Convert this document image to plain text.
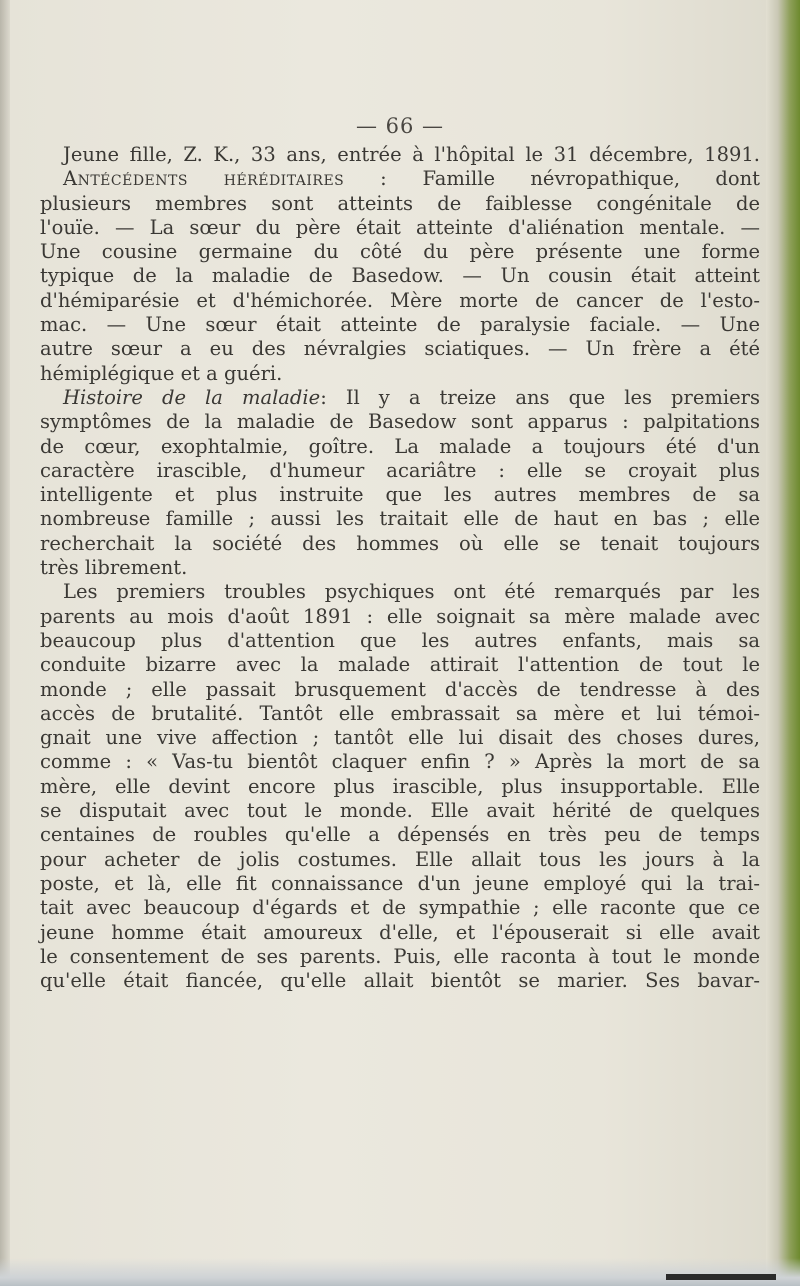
— 66 —
Jeune fille, Z. K., 33 ans, entrée à l'hôpital le 31 décembre, 1891.
Antécédents héréditaires : Famille névropathique, dont
plusieurs membres sont atteints de faiblesse congénitale de
l'ouïe. — La sœur du père était atteinte d'aliénation mentale. —
Une cousine germaine du côté du père présente une forme
typique de la maladie de Basedow. — Un cousin était atteint
d'hémiparésie et d'hémichorée. Mère morte de cancer de l'esto-
mac. — Une sœur était atteinte de paralysie faciale. — Une
autre sœur a eu des névralgies sciatiques. — Un frère a été
hémiplégique et a guéri.
Histoire de la maladie: Il y a treize ans que les premiers
symptômes de la maladie de Basedow sont apparus : palpitations
de cœur, exophtalmie, goître. La malade a toujours été d'un
caractère irascible, d'humeur acariâtre : elle se croyait plus
intelligente et plus instruite que les autres membres de sa
nombreuse famille ; aussi les traitait elle de haut en bas ; elle
recherchait la société des hommes où elle se tenait toujours
très librement.
Les premiers troubles psychiques ont été remarqués par les
parents au mois d'août 1891 : elle soignait sa mère malade avec
beaucoup plus d'attention que les autres enfants, mais sa
conduite bizarre avec la malade attirait l'attention de tout le
monde ; elle passait brusquement d'accès de tendresse à des
accès de brutalité. Tantôt elle embrassait sa mère et lui témoi-
gnait une vive affection ; tantôt elle lui disait des choses dures,
comme : « Vas-tu bientôt claquer enfin ? » Après la mort de sa
mère, elle devint encore plus irascible, plus insupportable. Elle
se disputait avec tout le monde. Elle avait hérité de quelques
centaines de roubles qu'elle a dépensés en très peu de temps
pour acheter de jolis costumes. Elle allait tous les jours à la
poste, et là, elle fit connaissance d'un jeune employé qui la trai-
tait avec beaucoup d'égards et de sympathie ; elle raconte que ce
jeune homme était amoureux d'elle, et l'épouserait si elle avait
le consentement de ses parents. Puis, elle raconta à tout le monde
qu'elle était fiancée, qu'elle allait bientôt se marier. Ses bavar-
